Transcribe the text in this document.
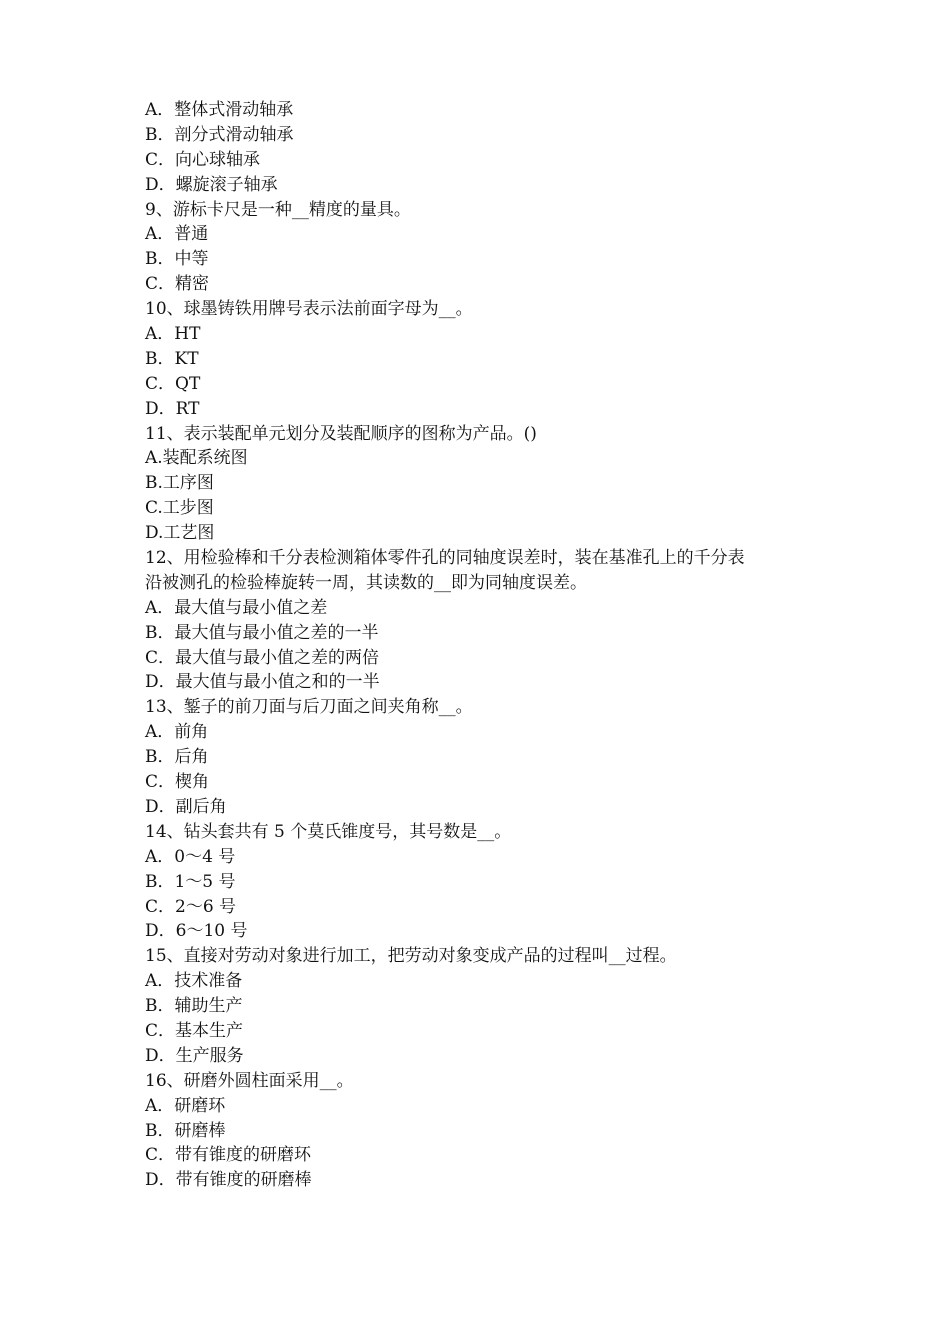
A．整体式滑动轴承
B．剖分式滑动轴承
C．向心球轴承
D．螺旋滚子轴承
9、游标卡尺是一种__精度的量具。
A．普通
B．中等
C．精密
10、球墨铸铁用牌号表示法前面字母为__。
A．HT
B．KT
C．QT
D．RT
11、表示装配单元划分及装配顺序的图称为产品。()
A.装配系统图
B.工序图
C.工步图
D.工艺图
12、用检验棒和千分表检测箱体零件孔的同轴度误差时，装在基准孔上的千分表
沿被测孔的检验棒旋转一周，其读数的__即为同轴度误差。
A．最大值与最小值之差
B．最大值与最小值之差的一半
C．最大值与最小值之差的两倍
D．最大值与最小值之和的一半
13、錾子的前刀面与后刀面之间夹角称__。
A．前角
B．后角
C．楔角
D．副后角
14、钻头套共有 5 个莫氏锥度号，其号数是__。
A．0～4 号
B．1～5 号
C．2～6 号
D．6～10 号
15、直接对劳动对象进行加工，把劳动对象变成产品的过程叫__过程。
A．技术准备
B．辅助生产
C．基本生产
D．生产服务
16、研磨外圆柱面采用__。
A．研磨环
B．研磨棒
C．带有锥度的研磨环
D．带有锥度的研磨棒
